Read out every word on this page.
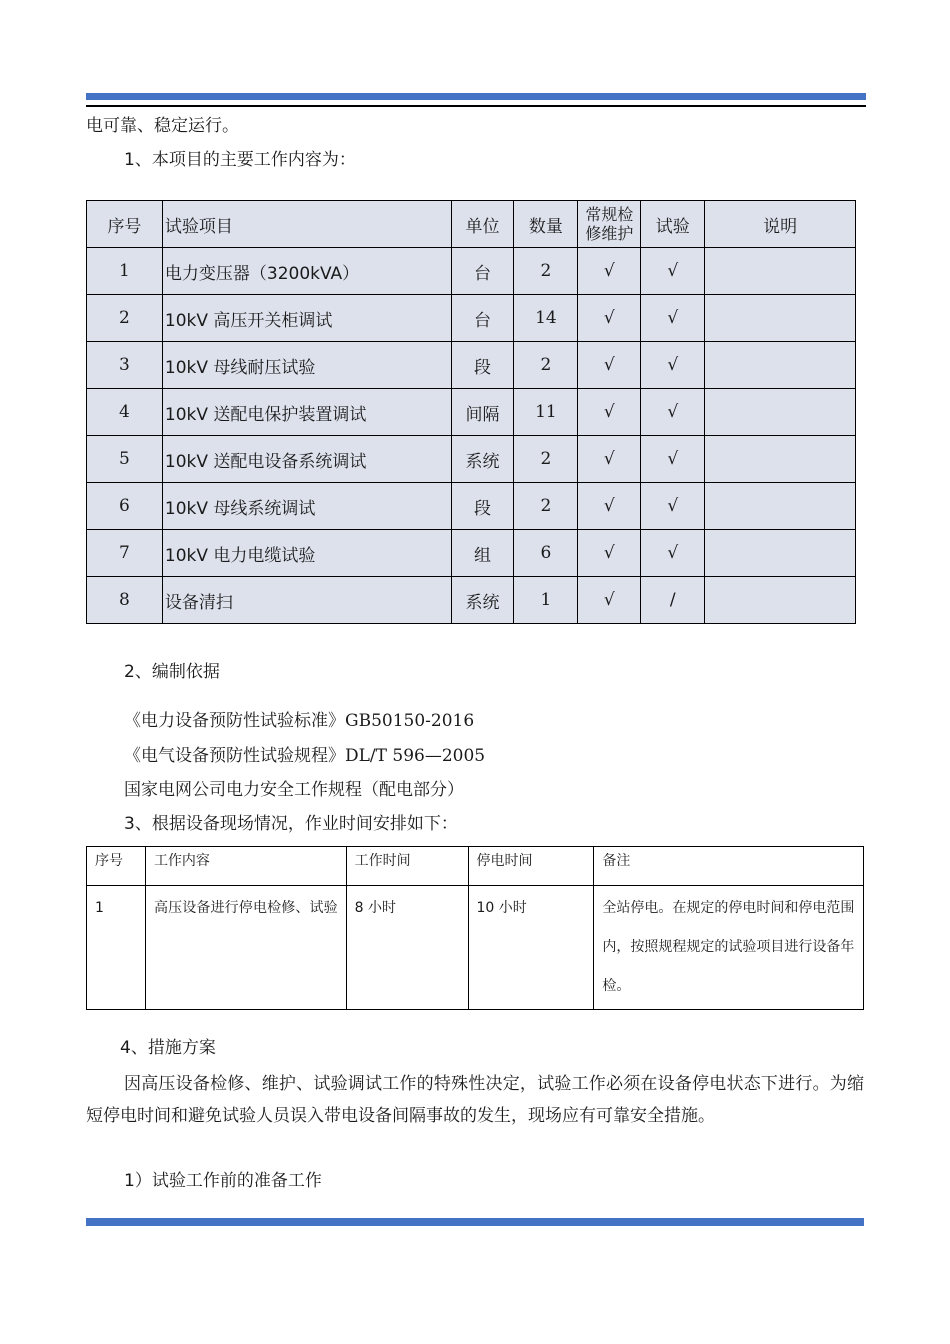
电可靠、稳定运行。
1、本项目的主要工作内容为：
序号	试验项目	单位	数量	常规检修维护	试验	说明
1	电力变压器（3200kVA）	台	2	√	√	
2	10kV 高压开关柜调试	台	14	√	√	
3	10kV 母线耐压试验	段	2	√	√	
4	10kV 送配电保护装置调试	间隔	11	√	√	
5	10kV 送配电设备系统调试	系统	2	√	√	
6	10kV 母线系统调试	段	2	√	√	
7	10kV 电力电缆试验	组	6	√	√	
8	设备清扫	系统	1	√	/	
2、编制依据
《电力设备预防性试验标准》GB50150-2016
《电气设备预防性试验规程》DL/T 596—2005
国家电网公司电力安全工作规程（配电部分）
3、根据设备现场情况，作业时间安排如下：
序号	工作内容	工作时间	停电时间	备注
1	高压设备进行停电检修、试验	8 小时	10 小时	全站停电。在规定的停电时间和停电范围内，按照规程规定的试验项目进行设备年检。
4、措施方案
因高压设备检修、维护、试验调试工作的特殊性决定，试验工作必须在设备停电状态下进行。为缩短停电时间和避免试验人员误入带电设备间隔事故的发生，现场应有可靠安全措施。
1）试验工作前的准备工作
